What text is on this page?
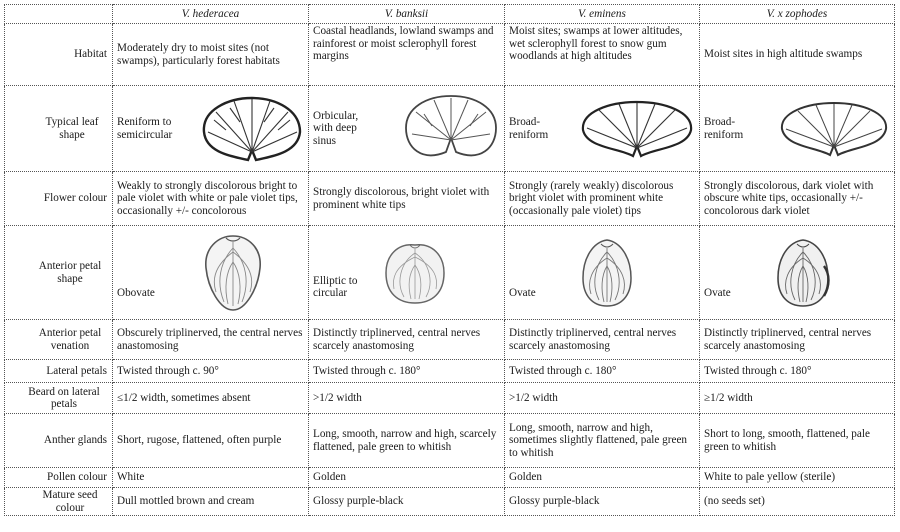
	V. hederacea	V. banksii	V. eminens	V. x zophodes
Habitat	Moderately dry to moist sites (not swamps), particularly forest habitats	Coastal headlands, lowland swamps and rainforest or moist sclerophyll forest margins	Moist sites; swamps at lower altitudes, wet sclerophyll forest to snow gum woodlands at high altitudes	Moist sites in high altitude swamps
Typical leaf shape	Reniform to semicircular	Orbicular, with deep sinus	Broad-reniform	Broad-reniform

Flower colour	Weakly to strongly discolorous bright to pale violet with white or pale violet tips, occasionally +/- concolorous	Strongly discolorous, bright violet with prominent white tips	Strongly (rarely weakly) discolorous bright violet with prominent white (occasionally pale violet) tips	Strongly discolorous, dark violet with obscure white tips, occasionally +/- concolorous dark violet
Anterior petal shape	Obovate	Elliptic to circular	Ovate	Ovate

Anterior petal venation	Obscurely triplinerved, the central nerves anastomosing	Distinctly triplinerved, central nerves scarcely anastomosing	Distinctly triplinerved, central nerves scarcely anastomosing	Distinctly triplinerved, central nerves scarcely anastomosing
Lateral petals	Twisted through c. 90°	Twisted through c. 180°	Twisted through c. 180°	Twisted through c. 180°
Beard on lateral petals	≤1/2 width, sometimes absent	>1/2 width	>1/2 width	≥1/2 width
Anther glands	Short, rugose, flattened, often purple	Long, smooth, narrow and high, scarcely flattened, pale green to whitish	Long, smooth, narrow and high, sometimes slightly flattened, pale green to whitish	Short to long, smooth, flattened, pale green to whitish
Pollen colour	White	Golden	Golden	White to pale yellow (sterile)
Mature seed colour	Dull mottled brown and cream	Glossy purple-black	Glossy purple-black	(no seeds set)
